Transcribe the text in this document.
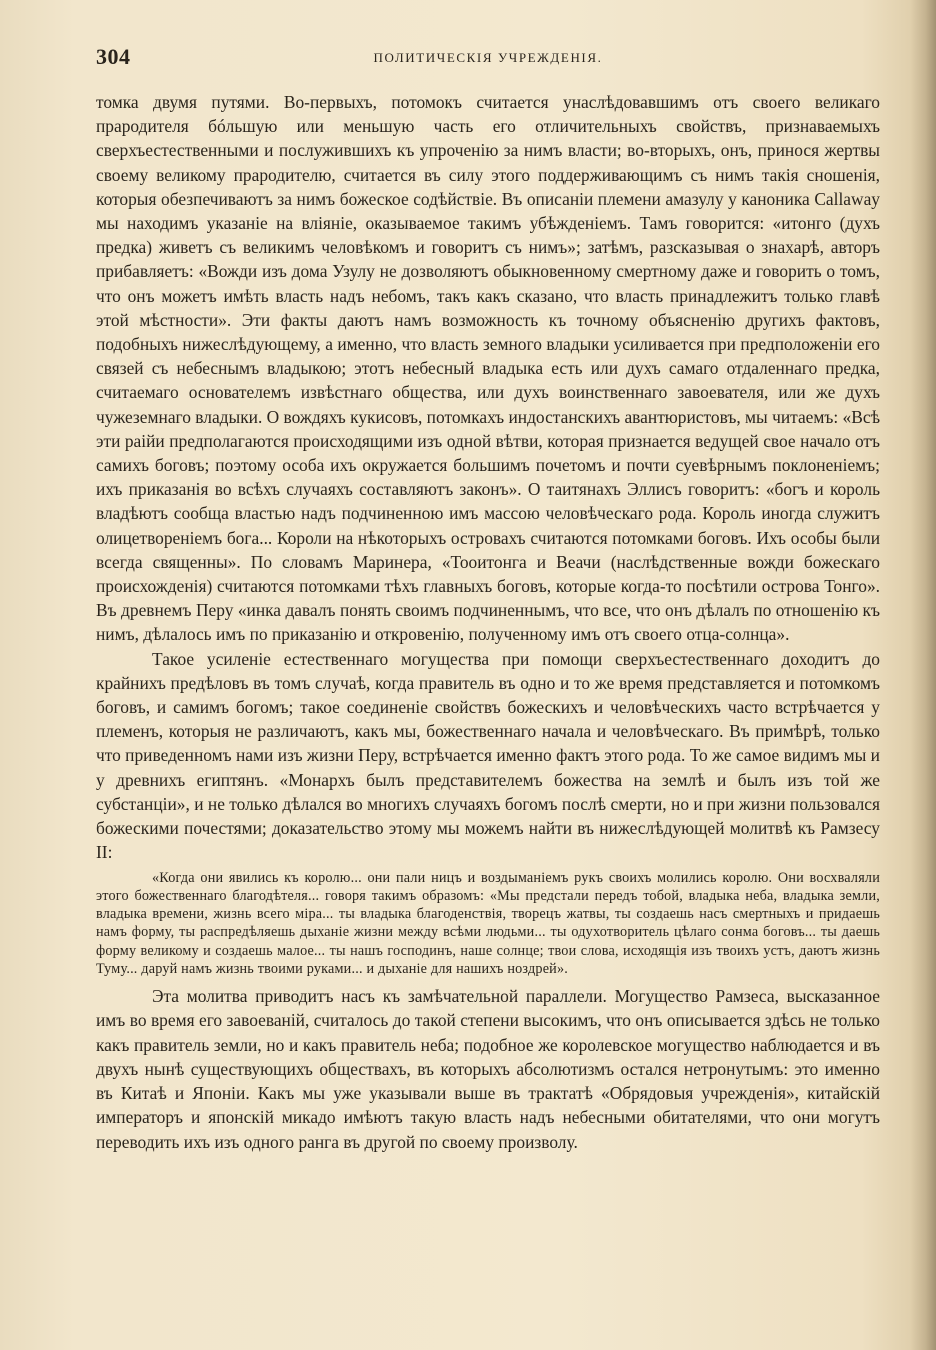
304	ПОЛИТИЧЕСКІЯ УЧРЕЖДЕНІЯ.

томка двумя путями. Во-первыхъ, потомокъ считается унаслѣдовавшимъ отъ своего великаго прародителя бóльшую или меньшую часть его отличительныхъ свойствъ, признаваемыхъ сверхъестественными и послужившихъ къ упроченію за нимъ власти; во-вторыхъ, онъ, принося жертвы своему великому прародителю, считается въ силу этого поддерживающимъ съ нимъ такія сношенія, которыя обезпечиваютъ за нимъ божеское содѣйствіе. Въ описаніи племени амазулу у каноника Callaway мы находимъ указаніе на вліяніе, оказываемое такимъ убѣжденіемъ. Тамъ говорится: «итонго (духъ предка) живетъ съ великимъ человѣкомъ и говоритъ съ нимъ»; затѣмъ, разсказывая о знахарѣ, авторъ прибавляетъ: «Вожди изъ дома Узулу не дозволяютъ обыкновенному смертному даже и говорить о томъ, что онъ можетъ имѣть власть надъ небомъ, такъ какъ сказано, что власть принадлежитъ только главѣ этой мѣстности». Эти факты даютъ намъ возможность къ точному объясненію другихъ фактовъ, подобныхъ нижеслѣдующему, а именно, что власть земного владыки усиливается при предположеніи его связей съ небеснымъ владыкою; этотъ небесный владыка есть или духъ самаго отдаленнаго предка, считаемаго основателемъ извѣстнаго общества, или духъ воинственнаго завоевателя, или же духъ чужеземнаго владыки. О вождяхъ кукисовъ, потомкахъ индостанскихъ авантюристовъ, мы читаемъ: «Всѣ эти раійи предполагаются происходящими изъ одной вѣтви, которая признается ведущей свое начало отъ самихъ боговъ; поэтому особа ихъ окружается большимъ почетомъ и почти суевѣрнымъ поклоненіемъ; ихъ приказанія во всѣхъ случаяхъ составляютъ законъ». О таитянахъ Эллисъ говоритъ: «богъ и король владѣютъ сообща властью надъ подчиненною имъ массою человѣческаго рода. Король иногда служитъ олицетвореніемъ бога... Короли на нѣкоторыхъ островахъ считаются потомками боговъ. Ихъ особы были всегда священны». По словамъ Маринера, «Тооитонга и Веачи (наслѣдственные вожди божескаго происхожденія) считаются потомками тѣхъ главныхъ боговъ, которые когда-то посѣтили острова Тонго». Въ древнемъ Перу «инка давалъ понять своимъ подчиненнымъ, что все, что онъ дѣлалъ по отношенію къ нимъ, дѣлалось имъ по приказанію и откровенію, полученному имъ отъ своего отца-солнца».

Такое усиленіе естественнаго могущества при помощи сверхъестественнаго доходитъ до крайнихъ предѣловъ въ томъ случаѣ, когда правитель въ одно и то же время представляется и потомкомъ боговъ, и самимъ богомъ; такое соединеніе свойствъ божескихъ и человѣческихъ часто встрѣчается у племенъ, которыя не различаютъ, какъ мы, божественнаго начала и человѣческаго. Въ примѣрѣ, только что приведенномъ нами изъ жизни Перу, встрѣчается именно фактъ этого рода. То же самое видимъ мы и у древнихъ египтянъ. «Монархъ былъ представителемъ божества на землѣ и былъ изъ той же субстанціи», и не только дѣлался во многихъ случаяхъ богомъ послѣ смерти, но и при жизни пользовался божескими почестями; доказательство этому мы можемъ найти въ нижеслѣдующей молитвѣ къ Рамзесу II:

«Когда они явились къ королю... они пали ницъ и воздыманіемъ рукъ своихъ молились королю. Они восхваляли этого божественнаго благодѣтеля... говоря такимъ образомъ: «Мы предстали передъ тобой, владыка неба, владыка земли, владыка времени, жизнь всего міра... ты владыка благоденствія, творецъ жатвы, ты создаешь насъ смертныхъ и придаешь намъ форму, ты распредѣляешь дыханіе жизни между всѣми людьми... ты одухотворитель цѣлаго сонма боговъ... ты даешь форму великому и создаешь малое... ты нашъ господинъ, наше солнце; твои слова, исходящія изъ твоихъ устъ, даютъ жизнь Туму... даруй намъ жизнь твоими руками... и дыханіе для нашихъ ноздрей».

Эта молитва приводитъ насъ къ замѣчательной параллели. Могущество Рамзеса, высказанное имъ во время его завоеваній, считалось до такой степени высокимъ, что онъ описывается здѣсь не только какъ правитель земли, но и какъ правитель неба; подобное же королевское могущество наблюдается и въ двухъ нынѣ существующихъ обществахъ, въ которыхъ абсолютизмъ остался нетронутымъ: это именно въ Китаѣ и Японіи. Какъ мы уже указывали выше въ трактатѣ «Обрядовыя учрежденія», китайскій императоръ и японскій микадо имѣютъ такую власть надъ небесными обитателями, что они могутъ переводить ихъ изъ одного ранга въ другой по своему произволу.
